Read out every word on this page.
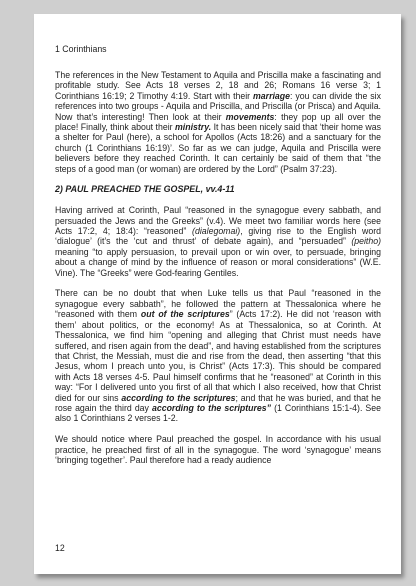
1 Corinthians

The references in the New Testament to Aquila and Priscilla make a fascinating and profitable study. See Acts 18 verses 2, 18 and 26; Romans 16 verse 3; 1 Corinthians 16:19; 2 Timothy 4:19. Start with their marriage: you can divide the six references into two groups - Aquila and Priscilla, and Priscilla (or Prisca) and Aquila. Now that’s interesting! Then look at their movements: they pop up all over the place! Finally, think about their ministry. It has been nicely said that ‘their home was a shelter for Paul (here), a school for Apollos (Acts 18:26) and a sanctuary for the church (1 Corinthians 16:19)’. So far as we can judge, Aquila and Priscilla were believers before they reached Corinth. It can certainly be said of them that “the steps of a good man (or woman) are ordered by the Lord” (Psalm 37:23).

2) PAUL PREACHED THE GOSPEL, vv.4-11

Having arrived at Corinth, Paul “reasoned in the synagogue every sabbath, and persuaded the Jews and the Greeks” (v.4). We meet two familiar words here (see Acts 17:2, 4; 18:4): “reasoned” (dialegomai), giving rise to the English word ‘dialogue’ (it’s the ‘cut and thrust’ of debate again), and “persuaded” (peitho) meaning “to apply persuasion, to prevail upon or win over, to persuade, bringing about a change of mind by the influence of reason or moral considerations” (W.E. Vine). The “Greeks” were God-fearing Gentiles.

There can be no doubt that when Luke tells us that Paul “reasoned in the synagogue every sabbath”, he followed the pattern at Thessalonica where he “reasoned with them out of the scriptures” (Acts 17:2). He did not ‘reason with them’ about politics, or the economy! As at Thessalonica, so at Corinth. At Thessalonica, we find him “opening and alleging that Christ must needs have suffered, and risen again from the dead”, and having established from the scriptures that Christ, the Messiah, must die and rise from the dead, then asserting “that this Jesus, whom I preach unto you, is Christ” (Acts 17:3). This should be compared with Acts 18 verses 4-5. Paul himself confirms that he “reasoned” at Corinth in this way: “For I delivered unto you first of all that which I also received, how that Christ died for our sins according to the scriptures; and that he was buried, and that he rose again the third day according to the scriptures” (1 Corinthians 15:1-4). See also 1 Corinthians 2 verses 1-2.

We should notice where Paul preached the gospel. In accordance with his usual practice, he preached first of all in the synagogue. The word ‘synagogue’ means ‘bringing together’. Paul therefore had a ready audience

12
